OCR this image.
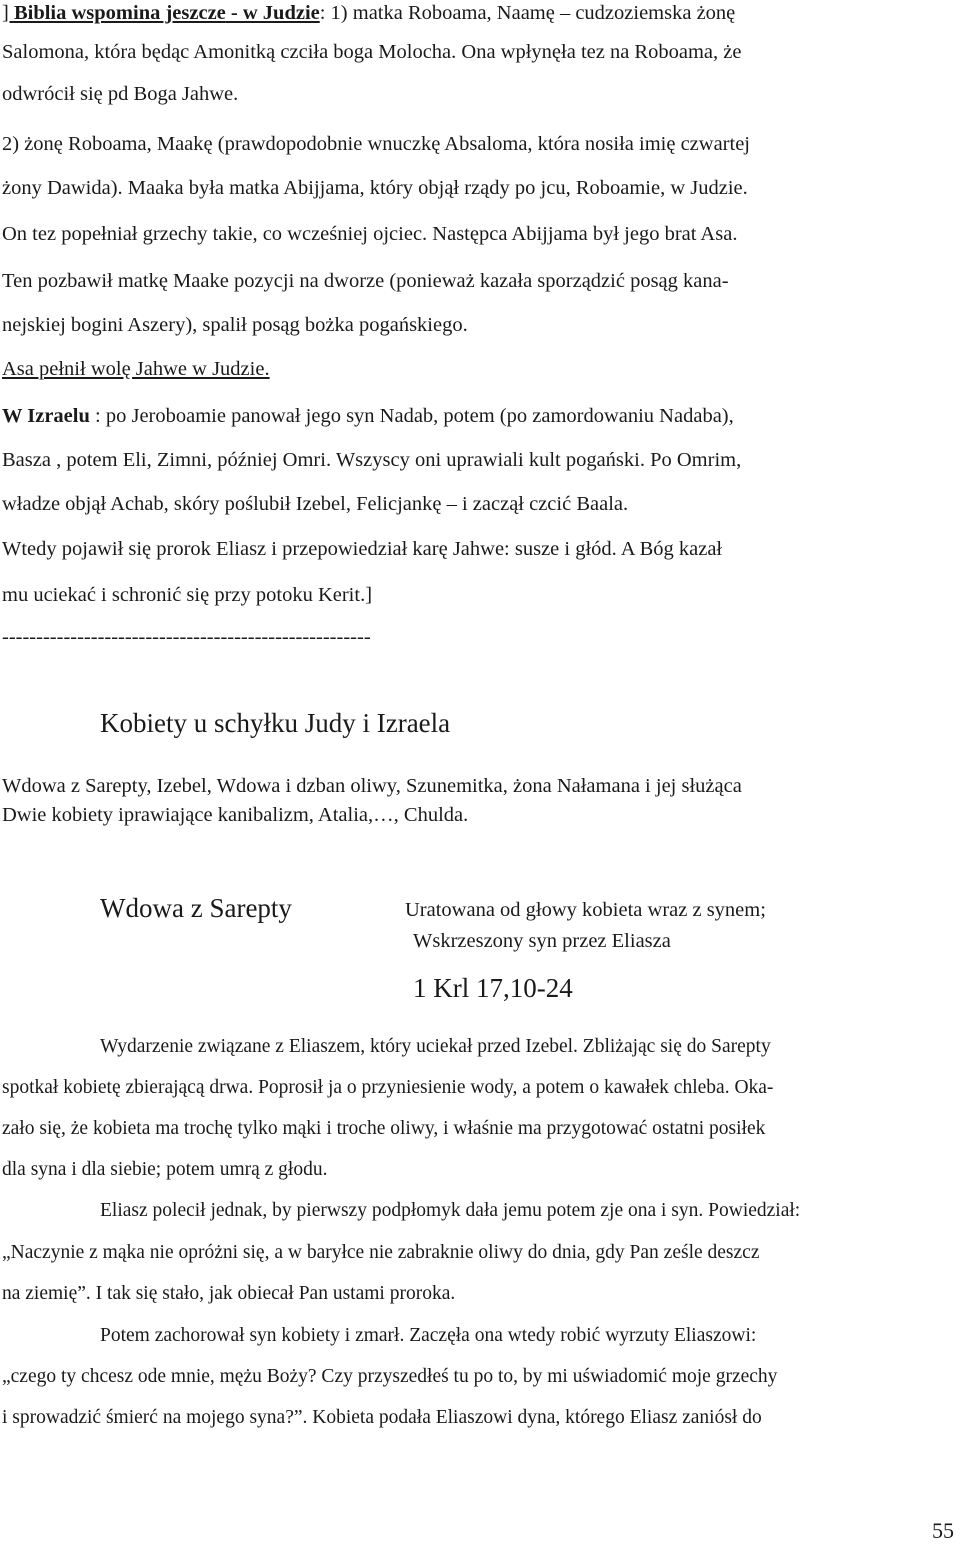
] Biblia wspomina jeszcze - w Judzie: 1) matka Roboama, Naamę – cudzoziemska żonę
Salomona, która będąc Amonitką czciła boga Molocha. Ona wpłynęła tez na Roboama, że
odwrócił się pd Boga Jahwe.
2) żonę Roboama, Maakę (prawdopodobnie wnuczkę Absaloma, która nosiła imię czwartej
żony Dawida). Maaka była matka Abijjama, który objął rządy po jcu, Roboamie, w Judzie.
On tez popełniał grzechy takie, co wcześniej ojciec. Następca Abijjama był jego brat Asa.
Ten pozbawił matkę Maake pozycji na dworze (ponieważ kazała sporządzić posąg kana-
nejskiej bogini Aszery), spalił posąg bożka pogańskiego.
Asa pełnił wolę Jahwe w Judzie.
W Izraelu : po Jeroboamie panował jego syn Nadab, potem (po zamordowaniu Nadaba),
Basza , potem Eli, Zimni, później Omri. Wszyscy oni uprawiali kult pogański. Po Omrim,
władze objął Achab, skóry poślubił Izebel, Felicjankę – i zaczął czcić Baala.
Wtedy pojawił się prorok Eliasz i przepowiedział karę Jahwe: susze i głód. A Bóg kazał
mu uciekać i schronić się przy potoku Kerit.]
------------------------------------------------------
Kobiety u schyłku Judy i Izraela
Wdowa z Sarepty, Izebel, Wdowa i dzban oliwy, Szunemitka, żona Nałamana i jej służąca
Dwie kobiety iprawiające kanibalizm, Atalia,…, Chulda.
Wdowa z Sarepty	Uratowana od głowy kobieta wraz z synem;
Wskrzeszony syn przez Eliasza
1 Krl 17,10-24
Wydarzenie związane z Eliaszem, który uciekał przed Izebel. Zbliżając się do Sarepty
spotkał kobietę zbierającą drwa. Poprosił ja o przyniesienie wody, a potem o kawałek chleba. Oka-
zało się, że kobieta ma trochę tylko mąki i troche oliwy, i właśnie ma przygotować ostatni posiłek
dla syna i dla siebie; potem umrą z głodu.
Eliasz polecił jednak, by pierwszy podpłomyk dała jemu potem zje ona i syn. Powiedział:
„Naczynie z mąka nie opróżni się, a w baryłce nie zabraknie oliwy do dnia, gdy Pan ześle deszcz
na ziemię”. I tak się stało, jak obiecał Pan ustami proroka.
Potem zachorował syn kobiety i zmarł. Zaczęła ona wtedy robić wyrzuty Eliaszowi:
„czego ty chcesz ode mnie, mężu Boży? Czy przyszedłeś tu po to, by mi uświadomić moje grzechy
i sprowadzić śmierć na mojego syna?”. Kobieta podała Eliaszowi dyna, którego Eliasz zaniósł do
55
